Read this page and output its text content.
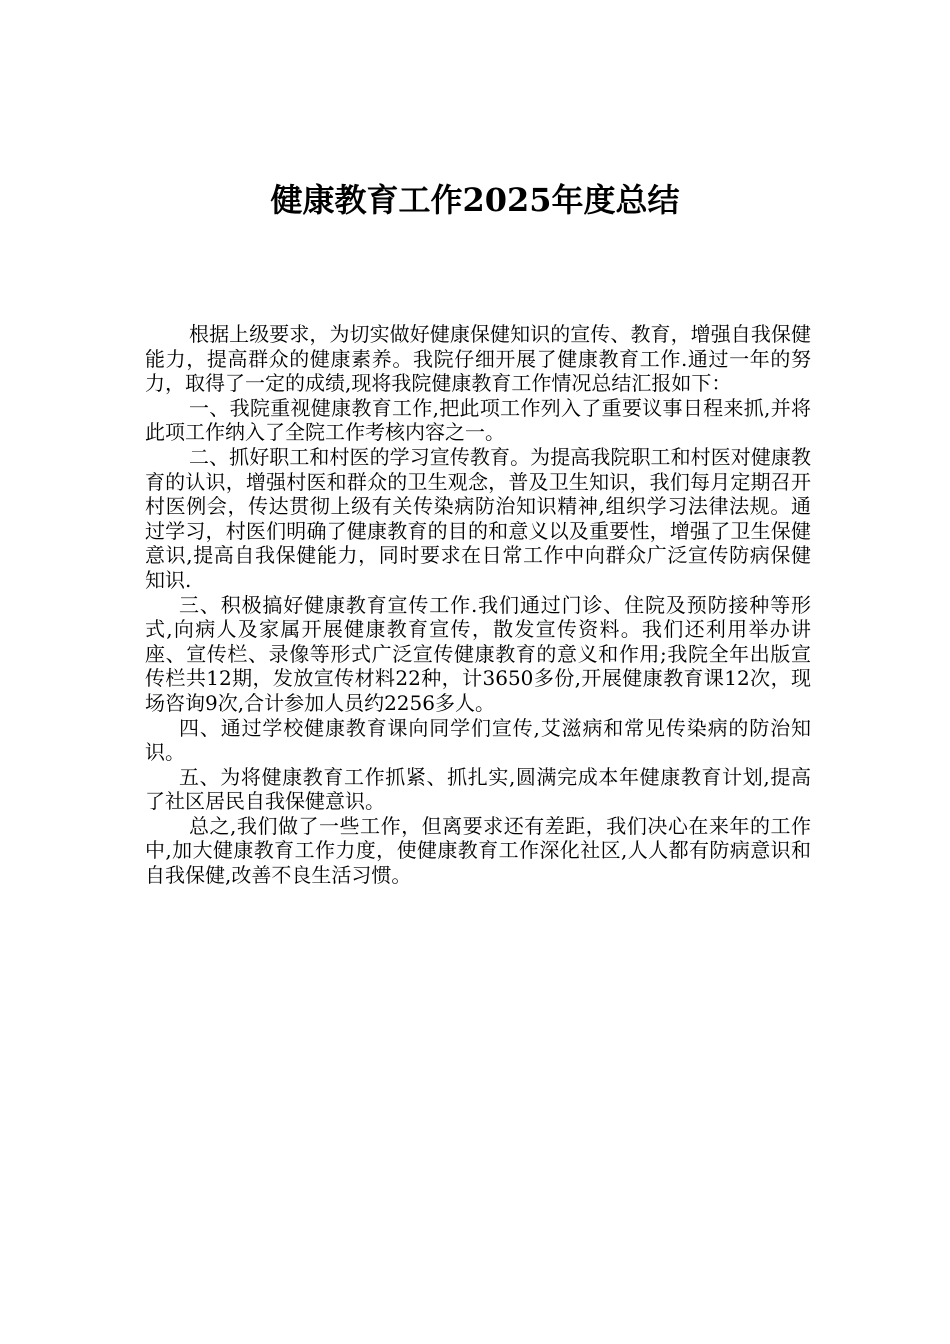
健康教育工作2025年度总结

根据上级要求，为切实做好健康保健知识的宣传、教育，增强自我保健能力，提高群众的健康素养。我院仔细开展了健康教育工作.通过一年的努力，取得了一定的成绩,现将我院健康教育工作情况总结汇报如下：

一、我院重视健康教育工作,把此项工作列入了重要议事日程来抓,并将此项工作纳入了全院工作考核内容之一。

二、抓好职工和村医的学习宣传教育。为提高我院职工和村医对健康教育的认识，增强村医和群众的卫生观念，普及卫生知识，我们每月定期召开村医例会，传达贯彻上级有关传染病防治知识精神,组织学习法律法规。通过学习，村医们明确了健康教育的目的和意义以及重要性，增强了卫生保健意识,提高自我保健能力，同时要求在日常工作中向群众广泛宣传防病保健知识.

三、积极搞好健康教育宣传工作.我们通过门诊、住院及预防接种等形式,向病人及家属开展健康教育宣传，散发宣传资料。我们还利用举办讲座、宣传栏、录像等形式广泛宣传健康教育的意义和作用;我院全年出版宣传栏共12期，发放宣传材料22种，计3650多份,开展健康教育课12次，现场咨询9次,合计参加人员约2256多人。

四、通过学校健康教育课向同学们宣传,艾滋病和常见传染病的防治知识。

五、为将健康教育工作抓紧、抓扎实,圆满完成本年健康教育计划,提高了社区居民自我保健意识。

总之,我们做了一些工作，但离要求还有差距，我们决心在来年的工作中,加大健康教育工作力度，使健康教育工作深化社区,人人都有防病意识和自我保健,改善不良生活习惯。
